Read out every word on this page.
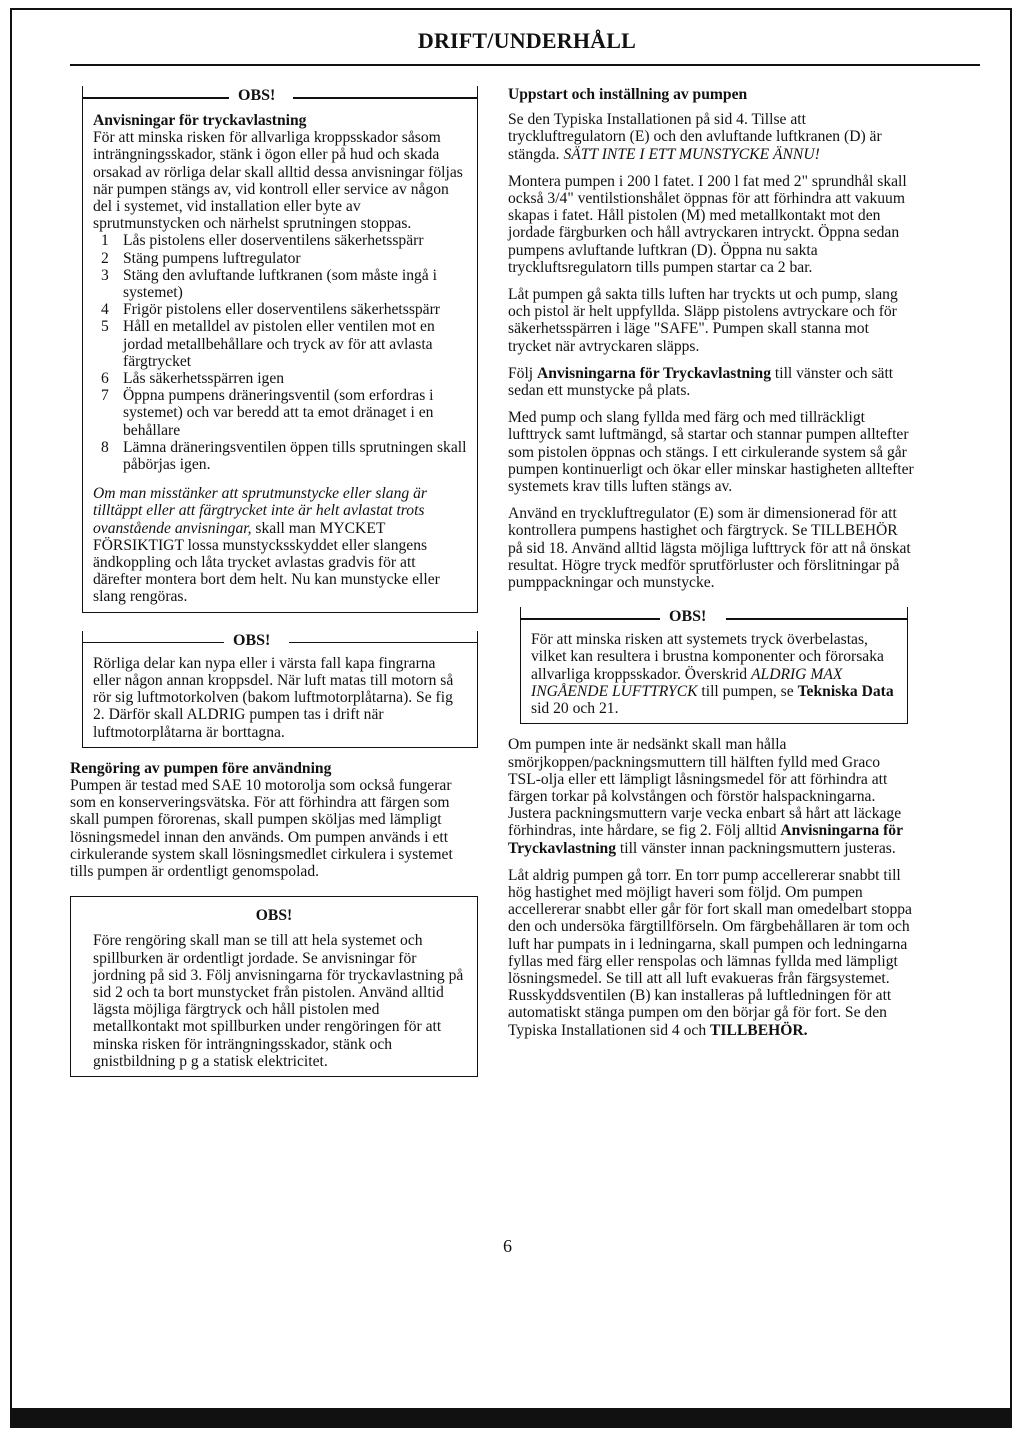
DRIFT/UNDERHÅLL
OBS!
Anvisningar för tryckavlastning
För att minska risken för allvarliga kroppsskador såsom inträngningsskador, stänk i ögon eller på hud och skada orsakad av rörliga delar skall alltid dessa anvisningar följas när pumpen stängs av, vid kontroll eller service av någon del i systemet, vid installation eller byte av sprutmunstycken och närhelst sprutningen stoppas.
1 Lås pistolens eller doserventilens säkerhetsspärr
2 Stäng pumpens luftregulator
3 Stäng den avluftande luftkranen (som måste ingå i systemet)
4 Frigör pistolens eller doserventilens säkerhetsspärr
5 Håll en metalldel av pistolen eller ventilen mot en jordad metallbehållare och tryck av för att avlasta färgtrycket
6 Lås säkerhetsspärren igen
7 Öppna pumpens dräneringsventil (som erfordras i systemet) och var beredd att ta emot dränaget i en behållare
8 Lämna dräneringsventilen öppen tills sprutningen skall påbörjas igen.
Om man misstänker att sprutmunstycke eller slang är tilltäppt eller att färgtrycket inte är helt avlastat trots ovanstående anvisningar, skall man MYCKET FÖRSIKTIGT lossa munstycksskyddet eller slangens ändkoppling och låta trycket avlastas gradvis för att därefter montera bort dem helt. Nu kan munstycke eller slang rengöras.
OBS!
Rörliga delar kan nypa eller i värsta fall kapa fingrarna eller någon annan kroppsdel. När luft matas till motorn så rör sig luftmotorkolven (bakom luftmotorplåtarna). Se fig 2. Därför skall ALDRIG pumpen tas i drift när luftmotorplåtarna är borttagna.
Rengöring av pumpen före användning
Pumpen är testad med SAE 10 motorolja som också fungerar som en konserveringsvätska. För att förhindra att färgen som skall pumpen förorenas, skall pumpen sköljas med lämpligt lösningsmedel innan den används. Om pumpen används i ett cirkulerande system skall lösningsmedlet cirkulera i systemet tills pumpen är ordentligt genomspolad.
OBS!
Före rengöring skall man se till att hela systemet och spillburken är ordentligt jordade. Se anvisningar för jordning på sid 3. Följ anvisningarna för tryckavlastning på sid 2 och ta bort munstycket från pistolen. Använd alltid lägsta möjliga färgtryck och håll pistolen med metallkontakt mot spillburken under rengöringen för att minska risken för inträngningsskador, stänk och gnistbildning p g a statisk elektricitet.

Uppstart och inställning av pumpen

Se den Typiska Installationen på sid 4. Tillse att tryckluftregulatorn (E) och den avluftande luftkranen (D) är stängda. SÄTT INTE I ETT MUNSTYCKE ÄNNU!

Montera pumpen i 200 l fatet. I 200 l fat med 2" sprundhål skall också 3/4" ventilstionshålet öppnas för att förhindra att vakuum skapas i fatet. Håll pistolen (M) med metallkontakt mot den jordade färgburken och håll avtryckaren intryckt. Öppna sedan pumpens avluftande luftkran (D). Öppna nu sakta tryckluftsregulatorn tills pumpen startar ca 2 bar.

Låt pumpen gå sakta tills luften har tryckts ut och pump, slang och pistol är helt uppfyllda. Släpp pistolens avtryckare och för säkerhetsspärren i läge "SAFE". Pumpen skall stanna mot trycket när avtryckaren släpps.

Följ Anvisningarna för Tryckavlastning till vänster och sätt sedan ett munstycke på plats.

Med pump och slang fyllda med färg och med tillräckligt lufttryck samt luftmängd, så startar och stannar pumpen alltefter som pistolen öppnas och stängs. I ett cirkulerande system så går pumpen kontinuerligt och ökar eller minskar hastigheten alltefter systemets krav tills luften stängs av.

Använd en tryckluftregulator (E) som är dimensionerad för att kontrollera pumpens hastighet och färgtryck. Se TILLBEHÖR på sid 18. Använd alltid lägsta möjliga lufttryck för att nå önskat resultat. Högre tryck medför sprutförluster och förslitningar på pumppackningar och munstycke.

OBS!
För att minska risken att systemets tryck överbelastas, vilket kan resultera i brustna komponenter och förorsaka allvarliga kroppsskador. Överskrid ALDRIG MAX INGÅENDE LUFTTRYCK till pumpen, se Tekniska Data sid 20 och 21.

Om pumpen inte är nedsänkt skall man hålla smörjkoppen/packningsmuttern till hälften fylld med Graco TSL-olja eller ett lämpligt låsningsmedel för att förhindra att färgen torkar på kolvstången och förstör halspackningarna. Justera packningsmuttern varje vecka enbart så hårt att läckage förhindras, inte hårdare, se fig 2. Följ alltid Anvisningarna för Tryckavlastning till vänster innan packningsmuttern justeras.

Låt aldrig pumpen gå torr. En torr pump accellererar snabbt till hög hastighet med möjligt haveri som följd. Om pumpen accellererar snabbt eller går för fort skall man omedelbart stoppa den och undersöka färgtillförseln. Om färgbehållaren är tom och luft har pumpats in i ledningarna, skall pumpen och ledningarna fyllas med färg eller renspolas och lämnas fyllda med lämpligt lösningsmedel. Se till att all luft evakueras från färgsystemet. Russkyddsventilen (B) kan installeras på luftledningen för att automatiskt stänga pumpen om den börjar gå för fort. Se den Typiska Installationen sid 4 och TILLBEHÖR.

6
